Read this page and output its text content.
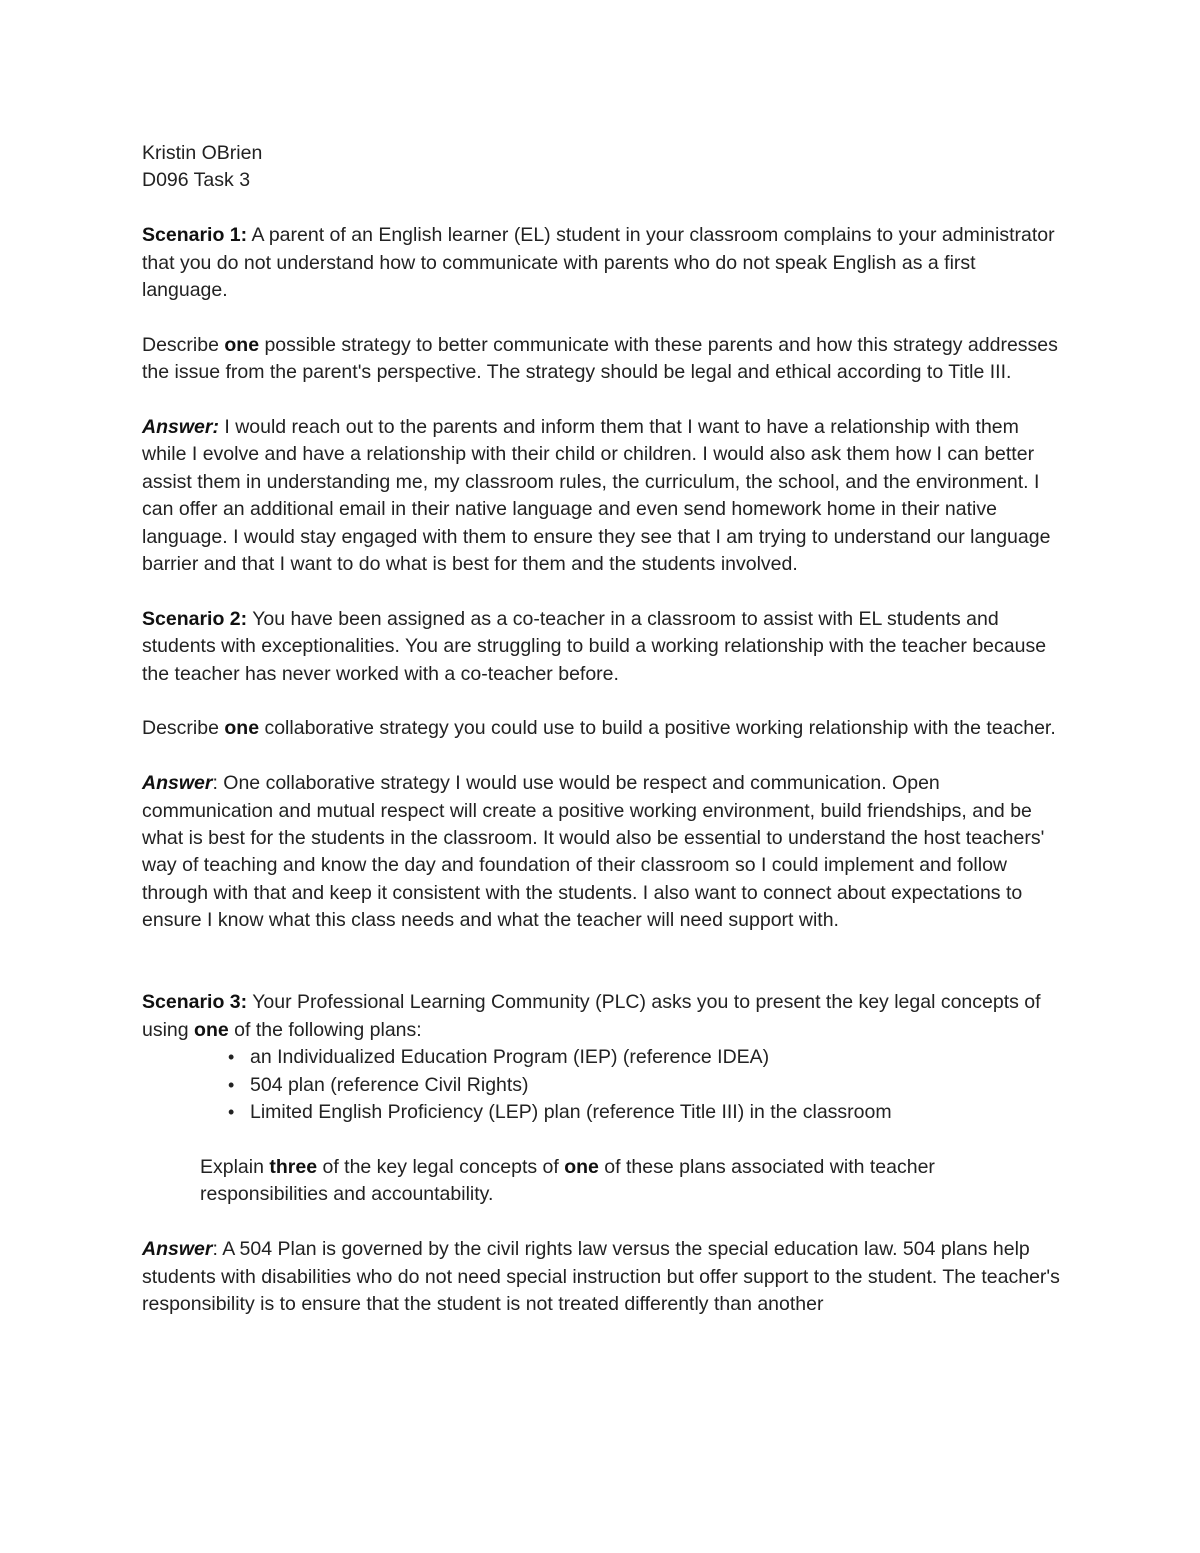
Kristin OBrien

D096 Task 3

Scenario 1: A parent of an English learner (EL) student in your classroom complains to your administrator that you do not understand how to communicate with parents who do not speak English as a first language.

Describe one possible strategy to better communicate with these parents and how this strategy addresses the issue from the parent's perspective. The strategy should be legal and ethical according to Title III.

Answer: I would reach out to the parents and inform them that I want to have a relationship with them while I evolve and have a relationship with their child or children. I would also ask them how I can better assist them in understanding me, my classroom rules, the curriculum, the school, and the environment. I can offer an additional email in their native language and even send homework home in their native language. I would stay engaged with them to ensure they see that I am trying to understand our language barrier and that I want to do what is best for them and the students involved.

Scenario 2: You have been assigned as a co-teacher in a classroom to assist with EL students and students with exceptionalities. You are struggling to build a working relationship with the teacher because the teacher has never worked with a co-teacher before.

Describe one collaborative strategy you could use to build a positive working relationship with the teacher.

Answer: One collaborative strategy I would use would be respect and communication. Open communication and mutual respect will create a positive working environment, build friendships, and be what is best for the students in the classroom. It would also be essential to understand the host teachers' way of teaching and know the day and foundation of their classroom so I could implement and follow through with that and keep it consistent with the students. I also want to connect about expectations to ensure I know what this class needs and what the teacher will need support with.

Scenario 3: Your Professional Learning Community (PLC) asks you to present the key legal concepts of using one of the following plans:

• an Individualized Education Program (IEP) (reference IDEA)
• 504 plan (reference Civil Rights)
• Limited English Proficiency (LEP) plan (reference Title III) in the classroom

Explain three of the key legal concepts of one of these plans associated with teacher responsibilities and accountability.

Answer: A 504 Plan is governed by the civil rights law versus the special education law. 504 plans help students with disabilities who do not need special instruction but offer support to the student. The teacher's responsibility is to ensure that the student is not treated differently than another
